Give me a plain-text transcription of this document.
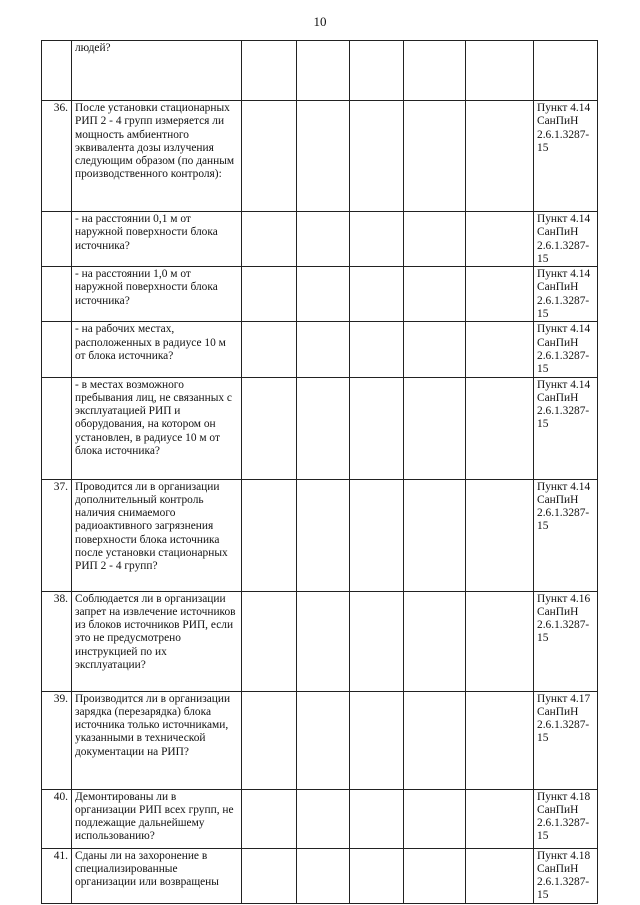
10
	людей?						
36.	После установки стационарных РИП 2 - 4 групп измеряется ли мощность амбиентного эквивалента дозы излучения следующим образом (по данным производственного контроля):						Пункт 4.14 СанПиН 2.6.1.3287-15
	- на расстоянии 0,1 м от наружной поверхности блока источника?						Пункт 4.14 СанПиН 2.6.1.3287-15
	- на расстоянии 1,0 м от наружной поверхности блока источника?						Пункт 4.14 СанПиН 2.6.1.3287-15
	- на рабочих местах, расположенных в радиусе 10 м от блока источника?						Пункт 4.14 СанПиН 2.6.1.3287-15
	- в местах возможного пребывания лиц, не связанных с эксплуатацией РИП и оборудования, на котором он установлен, в радиусе 10 м от блока источника?						Пункт 4.14 СанПиН 2.6.1.3287-15
37.	Проводится ли в организации дополнительный контроль наличия снимаемого радиоактивного загрязнения поверхности блока источника после установки стационарных РИП 2 - 4 групп?						Пункт 4.14 СанПиН 2.6.1.3287-15
38.	Соблюдается ли в организации запрет на извлечение источников из блоков источников РИП, если это не предусмотрено инструкцией по их эксплуатации?						Пункт 4.16 СанПиН 2.6.1.3287-15
39.	Производится ли в организации зарядка (перезарядка) блока источника только источниками, указанными в технической документации на РИП?						Пункт 4.17 СанПиН 2.6.1.3287-15
40.	Демонтированы ли в организации РИП всех групп, не подлежащие дальнейшему использованию?						Пункт 4.18 СанПиН 2.6.1.3287-15
41.	Сданы ли на захоронение в специализированные организации или возвращены						Пункт 4.18 СанПиН 2.6.1.3287-15
